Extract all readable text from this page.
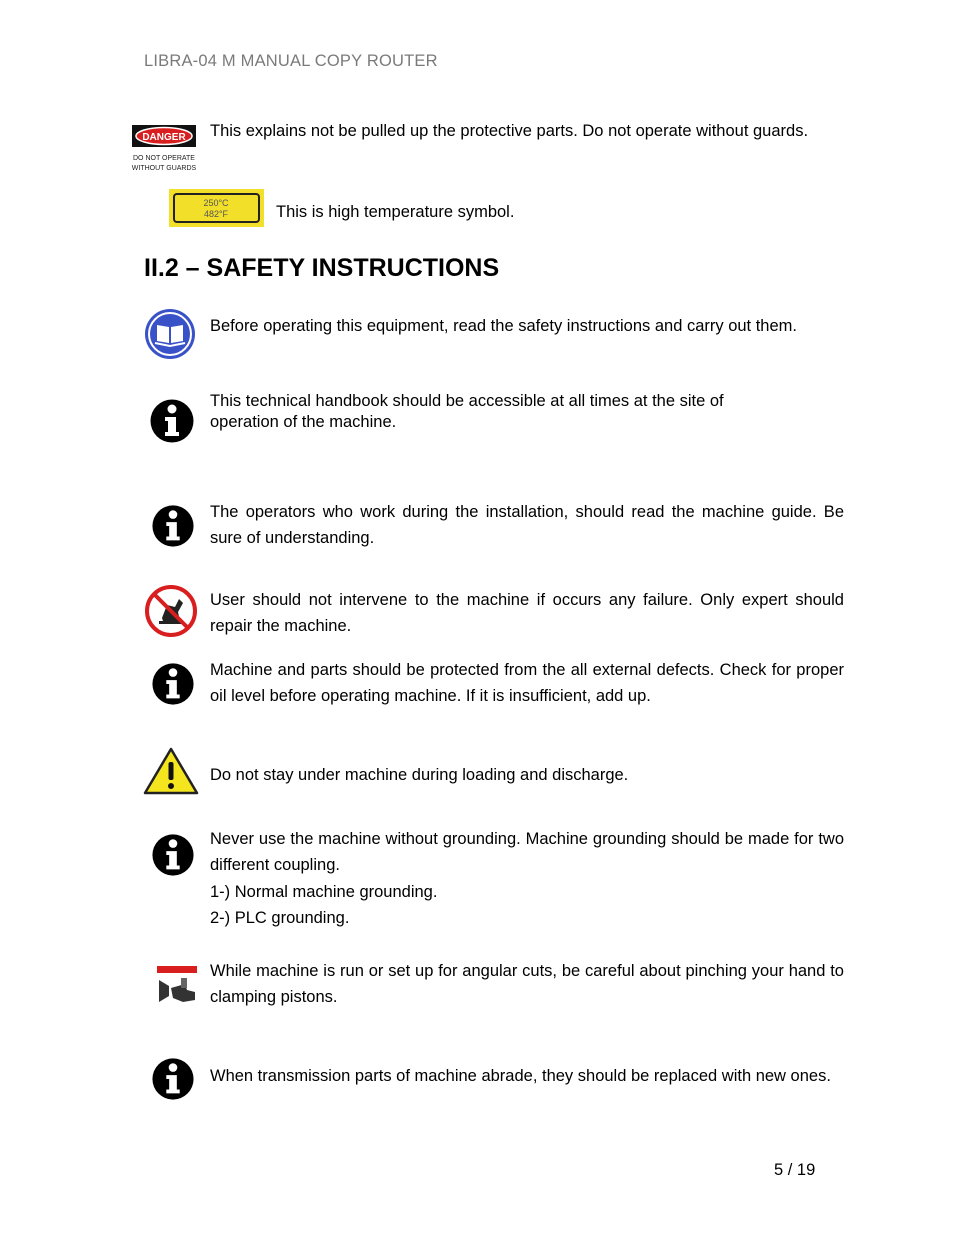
LIBRA-04 M MANUAL COPY ROUTER
DANGER
DO NOT OPERATE
WITHOUT GUARDS
This explains not be pulled up the protective parts. Do not operate without guards.
250°C
482°F	This is high temperature symbol.
II.2 – SAFETY INSTRUCTIONS
Before operating this equipment, read the safety instructions and carry out them.
This technical handbook should be accessible at all times at the site of
operation of the machine.
The operators who work during the installation, should read the machine guide. Be sure of understanding.
User should not intervene to the machine if occurs any failure. Only expert should repair the machine.
Machine and parts should be protected from the all external defects. Check for proper oil level before operating machine. If it is insufficient, add up.
Do not stay under machine during loading and discharge.
Never use the machine without grounding. Machine grounding should be made for two different coupling.
1-) Normal machine grounding.
2-) PLC grounding.
While machine is run or set up for angular cuts, be careful about pinching your hand to clamping pistons.
When transmission parts of machine abrade, they should be replaced with new ones.
5 / 19
